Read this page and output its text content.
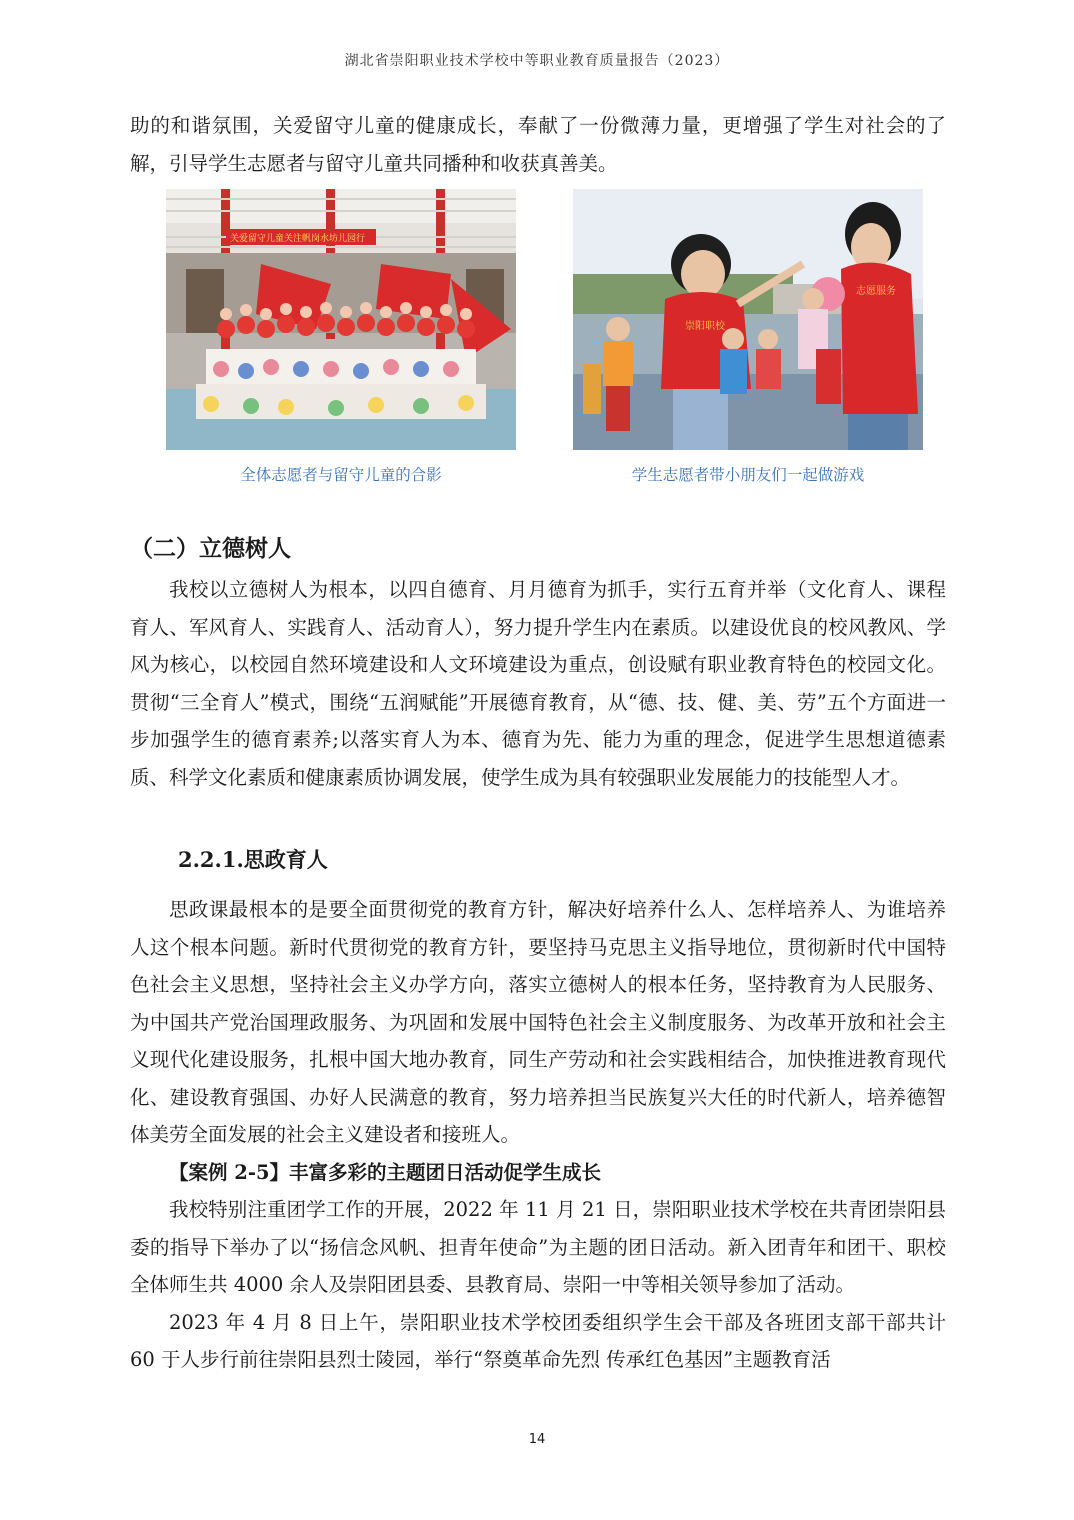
湖北省崇阳职业技术学校中等职业教育质量报告（2023）

助的和谐氛围，关爱留守儿童的健康成长，奉献了一份微薄力量，更增强了学生对社会的了解，引导学生志愿者与留守儿童共同播种和收获真善美。

关爱留守儿童关注帆岗水坊儿园行
全体志愿者与留守儿童的合影
崇阳职校
志愿服务
学生志愿者带小朋友们一起做游戏
（二）立德树人

我校以立德树人为根本，以四自德育、月月德育为抓手，实行五育并举（文化育人、课程育人、军风育人、实践育人、活动育人），努力提升学生内在素质。以建设优良的校风教风、学风为核心，以校园自然环境建设和人文环境建设为重点，创设赋有职业教育特色的校园文化。贯彻“三全育人”模式，围绕“五润赋能”开展德育教育，从“德、技、健、美、劳”五个方面进一步加强学生的德育素养;以落实育人为本、德育为先、能力为重的理念，促进学生思想道德素质、科学文化素质和健康素质协调发展，使学生成为具有较强职业发展能力的技能型人才。

2.2.1.思政育人

思政课最根本的是要全面贯彻党的教育方针，解决好培养什么人、怎样培养人、为谁培养人这个根本问题。新时代贯彻党的教育方针，要坚持马克思主义指导地位，贯彻新时代中国特色社会主义思想，坚持社会主义办学方向，落实立德树人的根本任务，坚持教育为人民服务、为中国共产党治国理政服务、为巩固和发展中国特色社会主义制度服务、为改革开放和社会主义现代化建设服务，扎根中国大地办教育，同生产劳动和社会实践相结合，加快推进教育现代化、建设教育强国、办好人民满意的教育，努力培养担当民族复兴大任的时代新人，培养德智体美劳全面发展的社会主义建设者和接班人。

【案例 2-5】丰富多彩的主题团日活动促学生成长

我校特别注重团学工作的开展，2022 年 11 月 21 日，崇阳职业技术学校在共青团崇阳县委的指导下举办了以“扬信念风帆、担青年使命”为主题的团日活动。新入团青年和团干、职校全体师生共 4000 余人及崇阳团县委、县教育局、崇阳一中等相关领导参加了活动。

2023 年 4 月 8 日上午，崇阳职业技术学校团委组织学生会干部及各班团支部干部共计 60 于人步行前往崇阳县烈士陵园，举行“祭奠革命先烈 传承红色基因”主题教育活

14
